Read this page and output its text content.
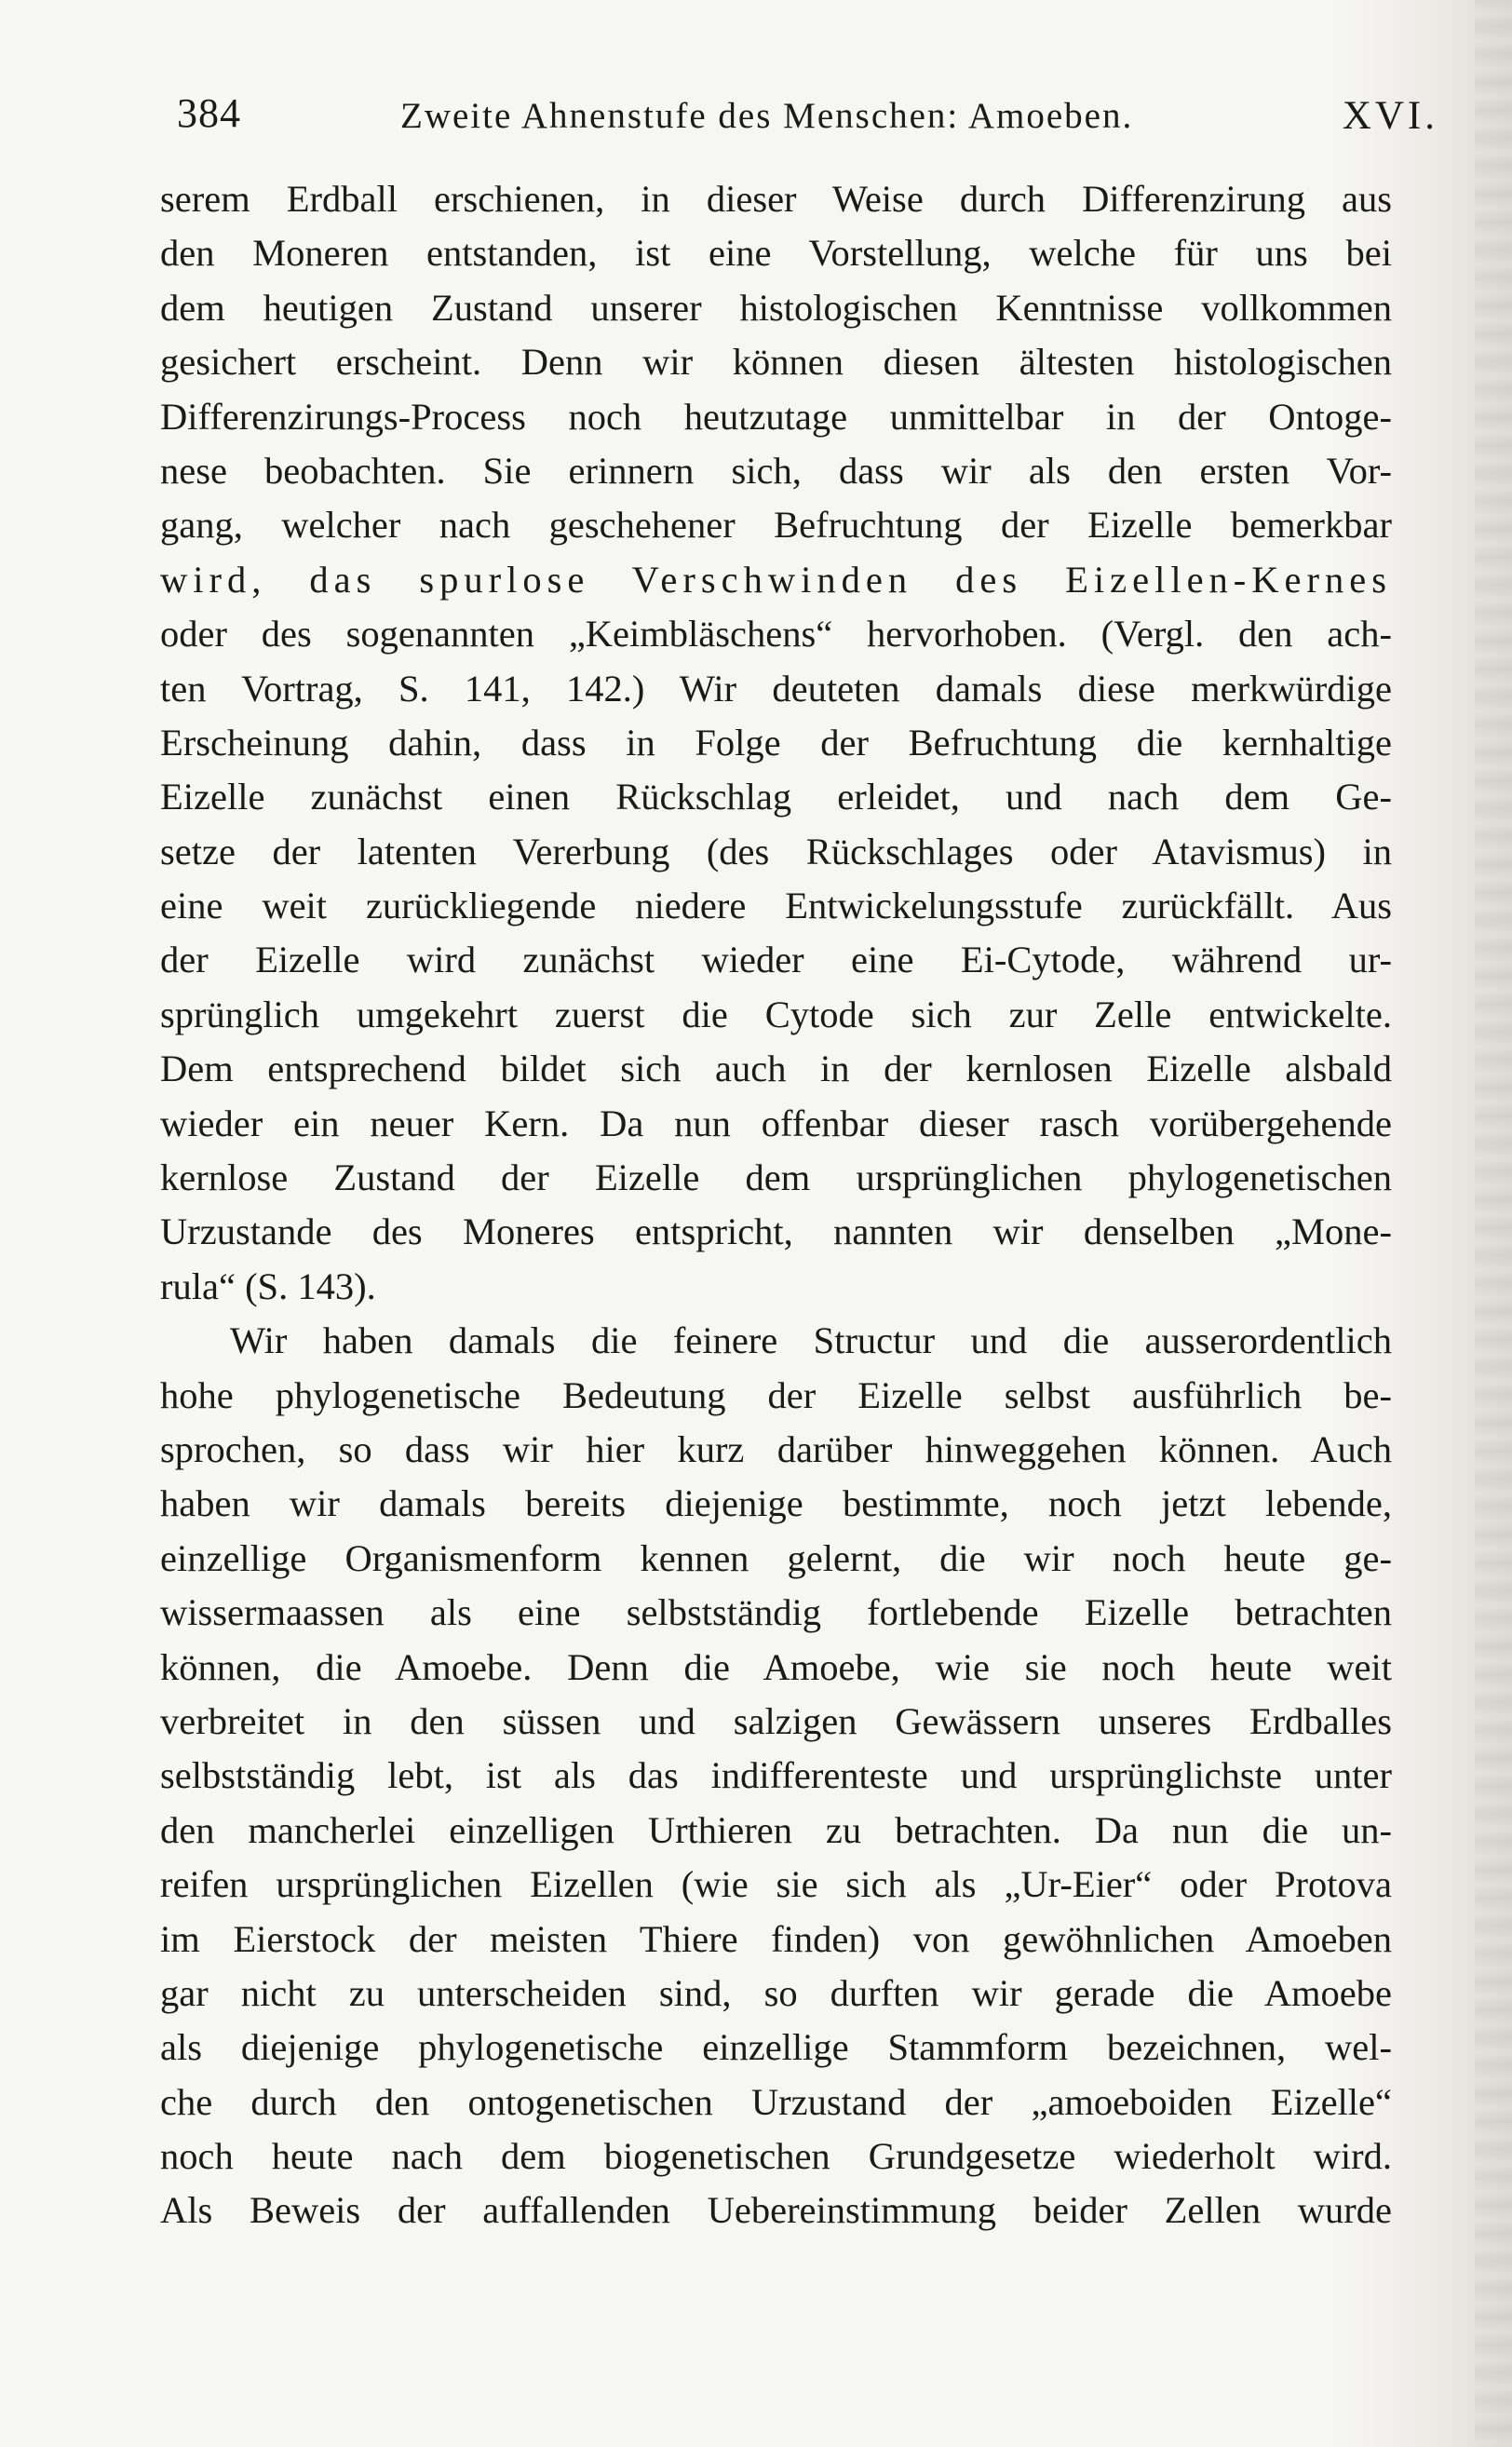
384	Zweite Ahnenstufe des Menschen: Amoeben.	XVI.
serem Erdball erschienen, in dieser Weise durch Differenzirung aus
den Moneren entstanden, ist eine Vorstellung, welche für uns bei
dem heutigen Zustand unserer histologischen Kenntnisse vollkommen
gesichert erscheint. Denn wir können diesen ältesten histologischen
Differenzirungs-Process noch heutzutage unmittelbar in der Ontoge-
nese beobachten. Sie erinnern sich, dass wir als den ersten Vor-
gang, welcher nach geschehener Befruchtung der Eizelle bemerkbar
wird, das spurlose Verschwinden des Eizellen-Kernes
oder des sogenannten „Keimbläschens“ hervorhoben. (Vergl. den ach-
ten Vortrag, S. 141, 142.) Wir deuteten damals diese merkwürdige
Erscheinung dahin, dass in Folge der Befruchtung die kernhaltige
Eizelle zunächst einen Rückschlag erleidet, und nach dem Ge-
setze der latenten Vererbung (des Rückschlages oder Atavismus) in
eine weit zurückliegende niedere Entwickelungsstufe zurückfällt. Aus
der Eizelle wird zunächst wieder eine Ei-Cytode, während ur-
sprünglich umgekehrt zuerst die Cytode sich zur Zelle entwickelte.
Dem entsprechend bildet sich auch in der kernlosen Eizelle alsbald
wieder ein neuer Kern. Da nun offenbar dieser rasch vorübergehende
kernlose Zustand der Eizelle dem ursprünglichen phylogenetischen
Urzustande des Moneres entspricht, nannten wir denselben „Mone-
rula“ (S. 143).
Wir haben damals die feinere Structur und die ausserordentlich
hohe phylogenetische Bedeutung der Eizelle selbst ausführlich be-
sprochen, so dass wir hier kurz darüber hinweggehen können. Auch
haben wir damals bereits diejenige bestimmte, noch jetzt lebende,
einzellige Organismenform kennen gelernt, die wir noch heute ge-
wissermaassen als eine selbstständig fortlebende Eizelle betrachten
können, die Amoebe. Denn die Amoebe, wie sie noch heute weit
verbreitet in den süssen und salzigen Gewässern unseres Erdballes
selbstständig lebt, ist als das indifferenteste und ursprünglichste unter
den mancherlei einzelligen Urthieren zu betrachten. Da nun die un-
reifen ursprünglichen Eizellen (wie sie sich als „Ur-Eier“ oder Protova
im Eierstock der meisten Thiere finden) von gewöhnlichen Amoeben
gar nicht zu unterscheiden sind, so durften wir gerade die Amoebe
als diejenige phylogenetische einzellige Stammform bezeichnen, wel-
che durch den ontogenetischen Urzustand der „amoeboiden Eizelle“
noch heute nach dem biogenetischen Grundgesetze wiederholt wird.
Als Beweis der auffallenden Uebereinstimmung beider Zellen wurde
